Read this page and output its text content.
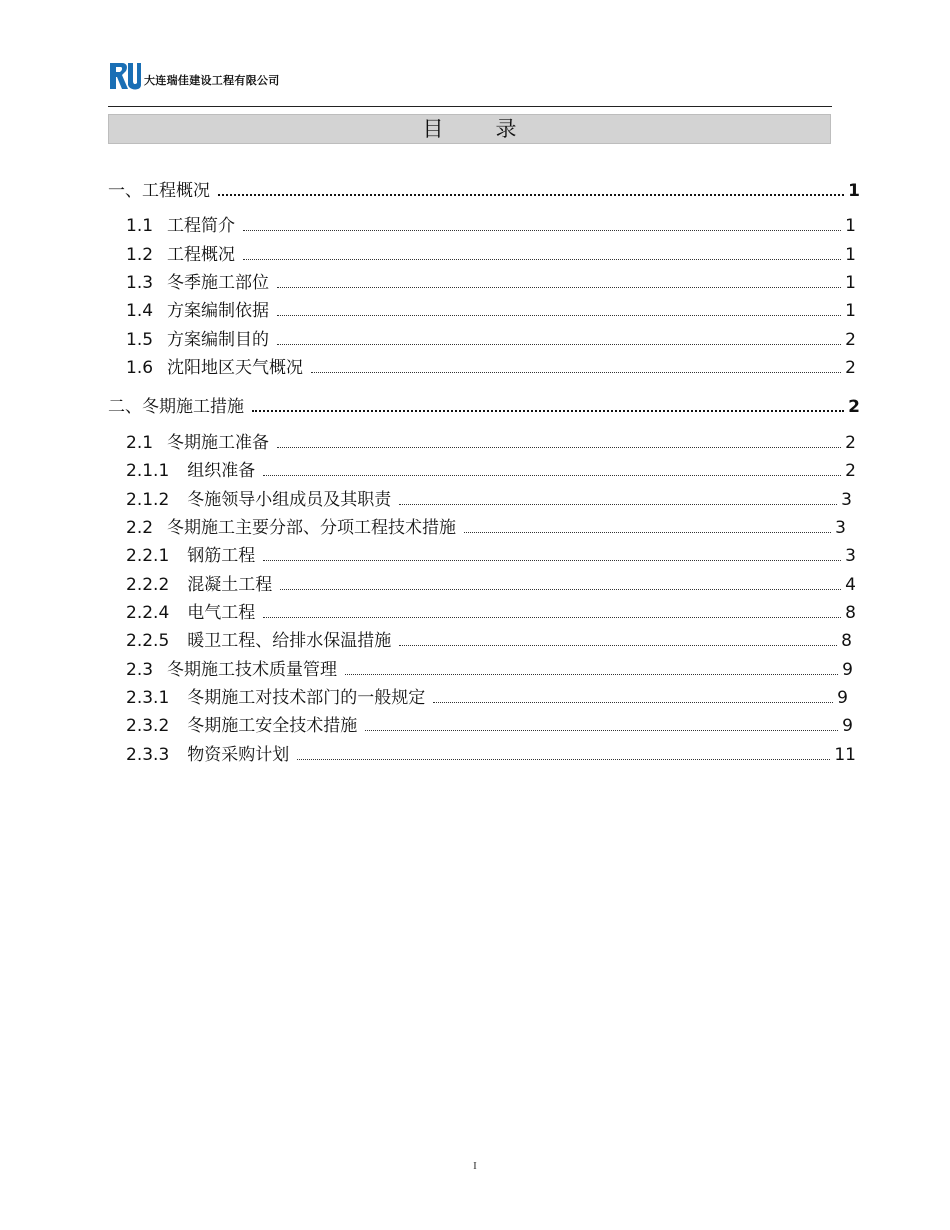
大连瑞佳建设工程有限公司
目录
一、 工程概况	1
1.1 工程简介	1
1.2 工程概况	1
1.3 冬季施工部位	1
1.4 方案编制依据	1
1.5 方案编制目的	2
1.6 沈阳地区天气概况	2
二、 冬期施工措施	2
2.1 冬期施工准备	2
2.1.1 组织准备	2
2.1.2 冬施领导小组成员及其职责	3
2.2 冬期施工主要分部、分项工程技术措施	3
2.2.1 钢筋工程	3
2.2.2 混凝土工程	4
2.2.4 电气工程	8
2.2.5 暖卫工程、给排水保温措施	8
2.3 冬期施工技术质量管理	9
2.3.1 冬期施工对技术部门的一般规定	9
2.3.2 冬期施工安全技术措施	9
2.3.3 物资采购计划	11
I
